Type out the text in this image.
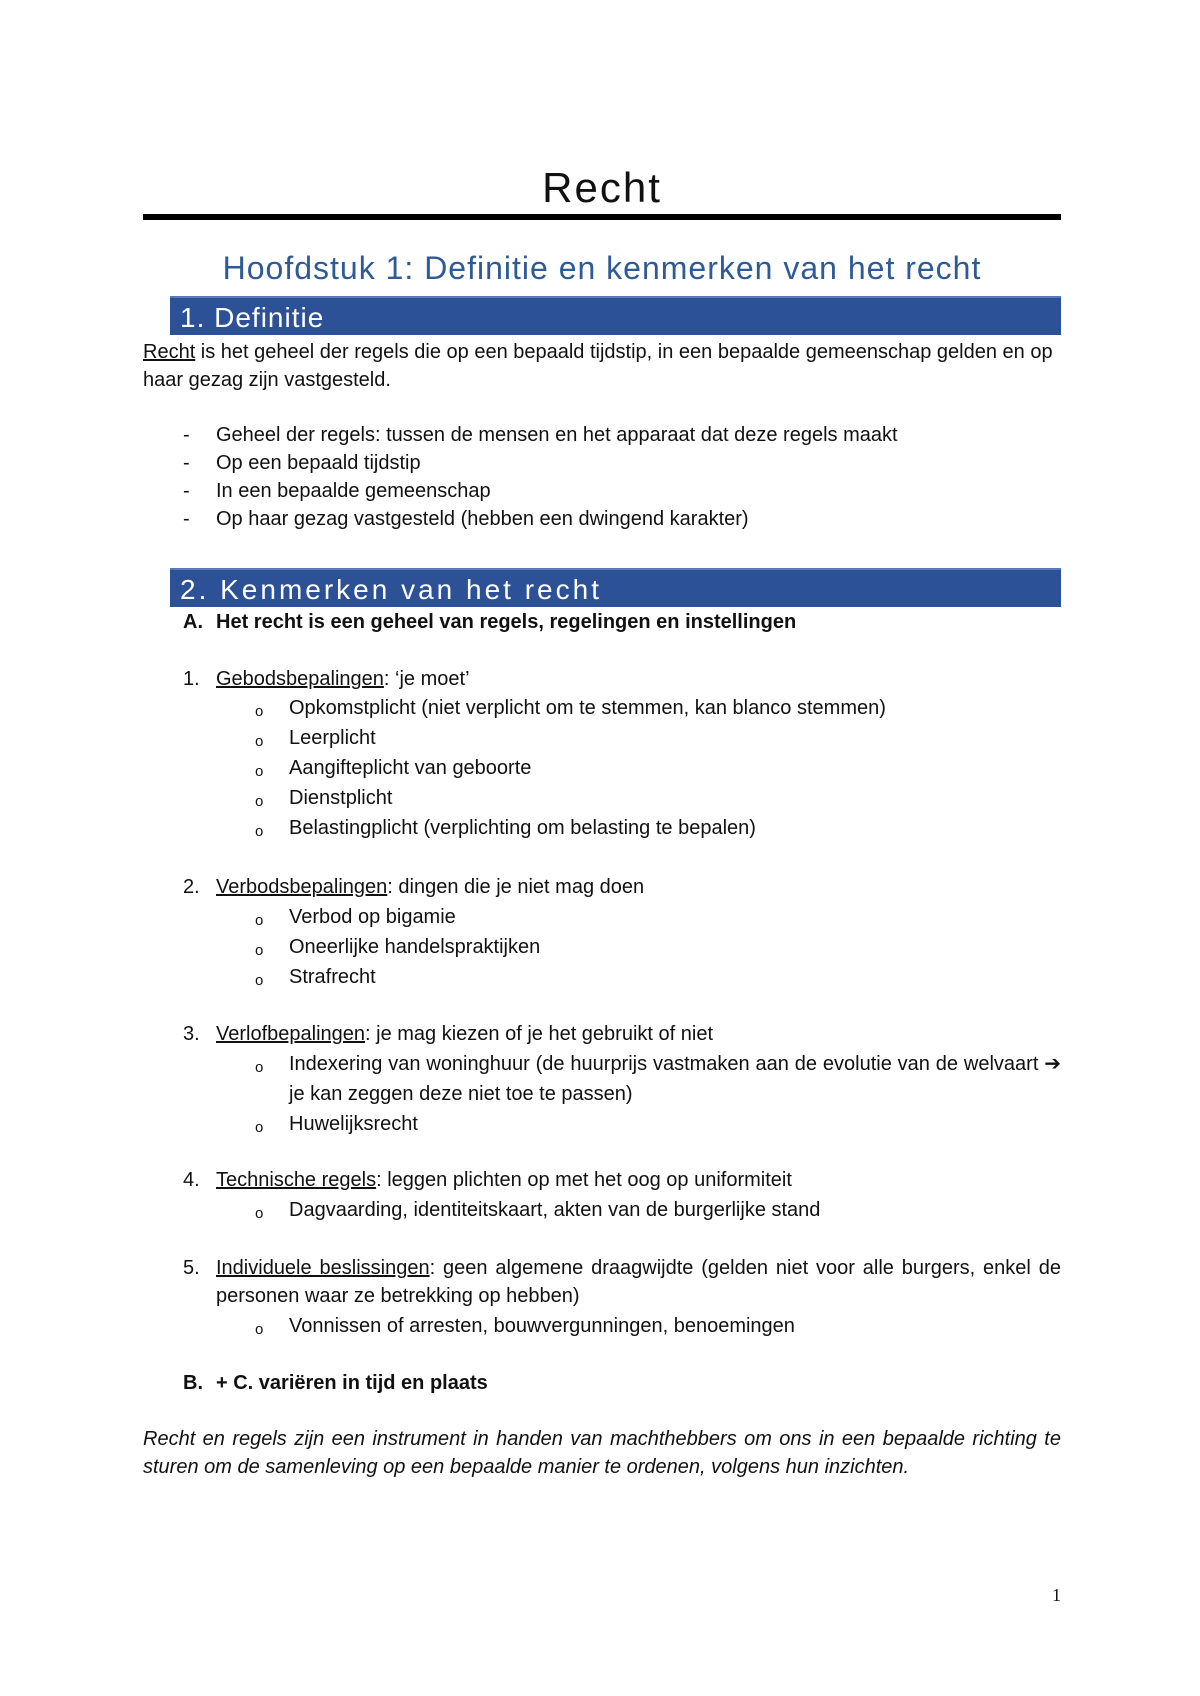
Recht
Hoofdstuk 1: Definitie en kenmerken van het recht
1. Definitie

Recht is het geheel der regels die op een bepaald tijdstip, in een bepaalde gemeenschap gelden en op haar gezag zijn vastgesteld.

- Geheel der regels: tussen de mensen en het apparaat dat deze regels maakt
- Op een bepaald tijdstip
- In een bepaalde gemeenschap
- Op haar gezag vastgesteld (hebben een dwingend karakter)
2. Kenmerken van het recht

A. Het recht is een geheel van regels, regelingen en instellingen

1. Gebodsbepalingen: ‘je moet’
o Opkomstplicht (niet verplicht om te stemmen, kan blanco stemmen)
o Leerplicht
o Aangifteplicht van geboorte
o Dienstplicht
o Belastingplicht (verplichting om belasting te bepalen)
2. Verbodsbepalingen: dingen die je niet mag doen
o Verbod op bigamie
o Oneerlijke handelspraktijken
o Strafrecht
3. Verlofbepalingen: je mag kiezen of je het gebruikt of niet
o Indexering van woninghuur (de huurprijs vastmaken aan de evolutie van de welvaart ➔ je kan zeggen deze niet toe te passen)
o Huwelijksrecht
4. Technische regels: leggen plichten op met het oog op uniformiteit
o Dagvaarding, identiteitskaart, akten van de burgerlijke stand
5. Individuele beslissingen: geen algemene draagwijdte (gelden niet voor alle burgers, enkel de personen waar ze betrekking op hebben)
o Vonnissen of arresten, bouwvergunningen, benoemingen

B. + C. variëren in tijd en plaats

Recht en regels zijn een instrument in handen van machthebbers om ons in een bepaalde richting te sturen om de samenleving op een bepaalde manier te ordenen, volgens hun inzichten.

1
